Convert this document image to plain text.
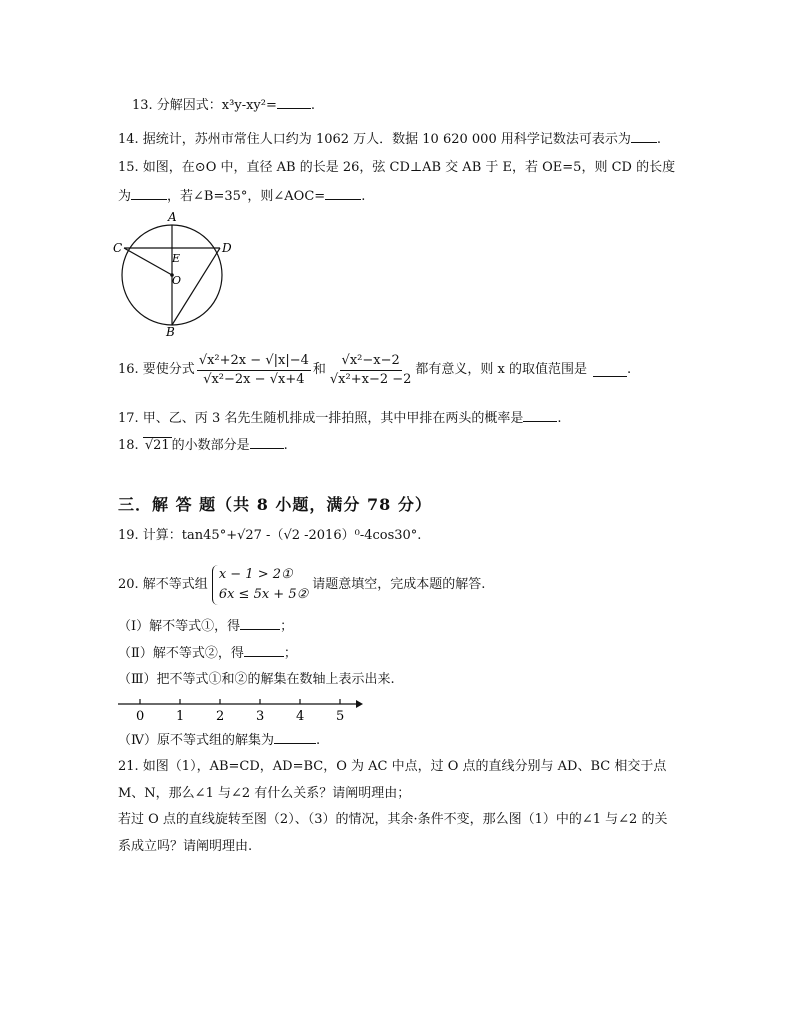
13. 分解因式：x³y-xy²=	.
14. 据统计，苏州市常住人口约为 1062 万人．数据 10 620 000 用科学记数法可表示为 .
15. 如图，在⊙O 中，直径 AB 的长是 26，弦 CD⊥AB 交 AB 于 E，若 OE=5，则 CD 的长度
为	，若∠B=35°，则∠AOC=	.
A
B
C	D
E
O
16. 要使分式 $\frac{\text{√x²+2x − √|x|−4}}{\text{√x²−2x − √x+4}}$ 和 $\frac{\text{√x²−x−2}}{\text{√x²+x−2 −2}}$ 都有意义，则 x 的取值范围是	.
17. 甲、乙、丙 3 名先生随机排成一排拍照，其中甲排在两头的概率是	.
18. √21 的小数部分是	.
三．解 答 题（共 8 小题，满分 78 分）
19. 计算：tan45°+√27 -（√2 -2016）⁰-4cos30°.
20. 解不等式组
x − 1 > 2①
6x ≤ 5x + 5②
请题意填空，完成本题的解答.
（Ⅰ）解不等式①，得	；
（Ⅱ）解不等式②，得	；
（Ⅲ）把不等式①和②的解集在数轴上表示出来.
0 1 2 3 4 5
（Ⅳ）原不等式组的解集为	.
21. 如图（1），AB=CD，AD=BC，O 为 AC 中点，过 O 点的直线分别与 AD、BC 相交于点
M、N，那么∠1 与∠2 有什么关系？请阐明理由；
若过 O 点的直线旋转至图（2）、（3）的情况，其余·条件不变，那么图（1）中的∠1 与∠2 的关
系成立吗？请阐明理由.
